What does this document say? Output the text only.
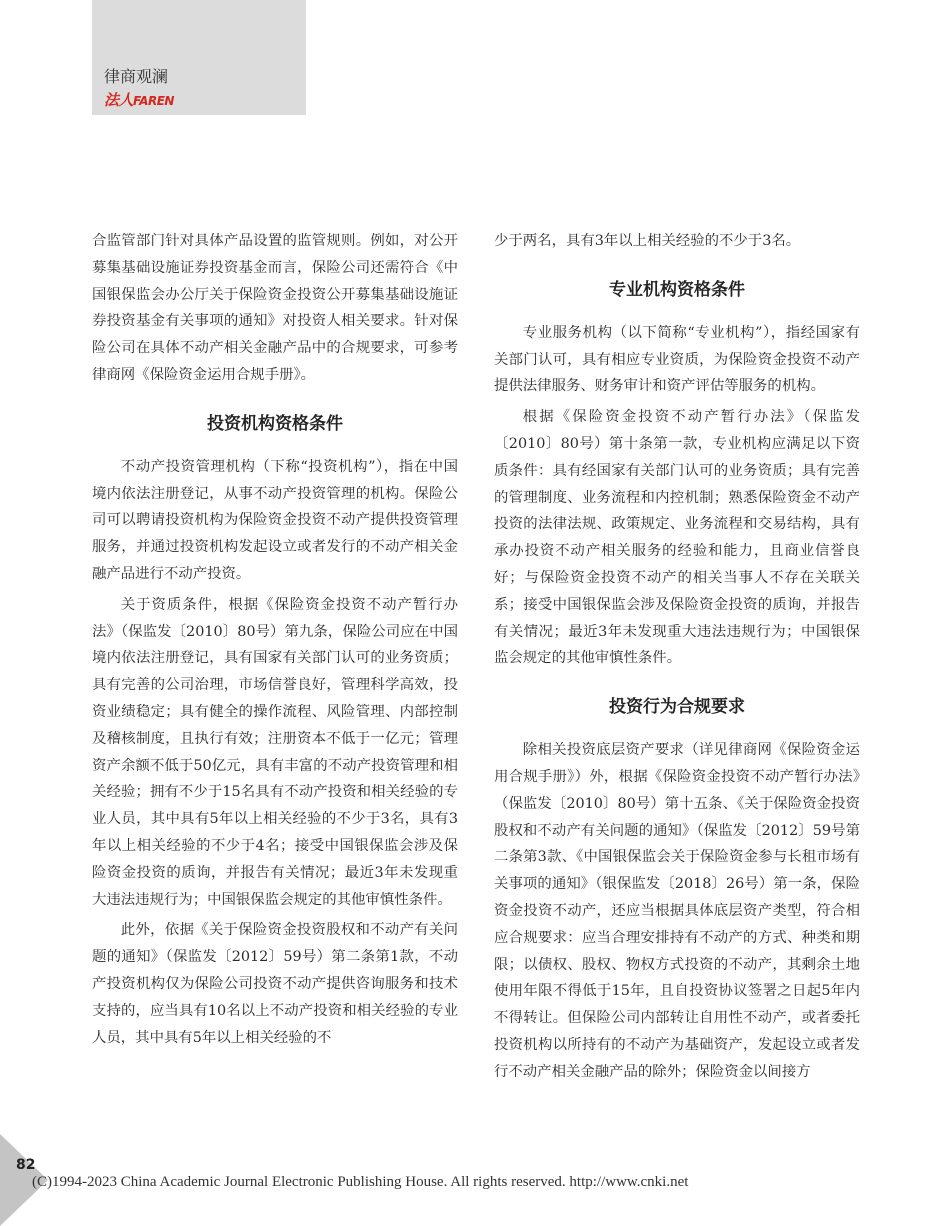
律商观澜
法人FAREN

合监管部门针对具体产品设置的监管规则。例如，对公开募集基础设施证券投资基金而言，保险公司还需符合《中国银保监会办公厅关于保险资金投资公开募集基础设施证券投资基金有关事项的通知》对投资人相关要求。针对保险公司在具体不动产相关金融产品中的合规要求，可参考律商网《保险资金运用合规手册》。

投资机构资格条件

不动产投资管理机构（下称“投资机构”），指在中国境内依法注册登记，从事不动产投资管理的机构。保险公司可以聘请投资机构为保险资金投资不动产提供投资管理服务，并通过投资机构发起设立或者发行的不动产相关金融产品进行不动产投资。

关于资质条件，根据《保险资金投资不动产暂行办法》（保监发〔2010〕80号）第九条，保险公司应在中国境内依法注册登记，具有国家有关部门认可的业务资质；具有完善的公司治理，市场信誉良好，管理科学高效，投资业绩稳定；具有健全的操作流程、风险管理、内部控制及稽核制度，且执行有效；注册资本不低于一亿元；管理资产余额不低于50亿元，具有丰富的不动产投资管理和相关经验；拥有不少于15名具有不动产投资和相关经验的专业人员，其中具有5年以上相关经验的不少于3名，具有3年以上相关经验的不少于4名；接受中国银保监会涉及保险资金投资的质询，并报告有关情况；最近3年未发现重大违法违规行为；中国银保监会规定的其他审慎性条件。

此外，依据《关于保险资金投资股权和不动产有关问题的通知》（保监发〔2012〕59号）第二条第1款，不动产投资机构仅为保险公司投资不动产提供咨询服务和技术支持的，应当具有10名以上不动产投资和相关经验的专业人员，其中具有5年以上相关经验的不

少于两名，具有3年以上相关经验的不少于3名。

专业机构资格条件

专业服务机构（以下简称“专业机构”），指经国家有关部门认可，具有相应专业资质，为保险资金投资不动产提供法律服务、财务审计和资产评估等服务的机构。

根据《保险资金投资不动产暂行办法》（保监发〔2010〕80号）第十条第一款，专业机构应满足以下资质条件：具有经国家有关部门认可的业务资质；具有完善的管理制度、业务流程和内控机制；熟悉保险资金不动产投资的法律法规、政策规定、业务流程和交易结构，具有承办投资不动产相关服务的经验和能力，且商业信誉良好；与保险资金投资不动产的相关当事人不存在关联关系；接受中国银保监会涉及保险资金投资的质询，并报告有关情况；最近3年未发现重大违法违规行为；中国银保监会规定的其他审慎性条件。

投资行为合规要求

除相关投资底层资产要求（详见律商网《保险资金运用合规手册》）外，根据《保险资金投资不动产暂行办法》（保监发〔2010〕80号）第十五条、《关于保险资金投资股权和不动产有关问题的通知》（保监发〔2012〕59号第二条第3款、《中国银保监会关于保险资金参与长租市场有关事项的通知》（银保监发〔2018〕26号）第一条，保险资金投资不动产，还应当根据具体底层资产类型，符合相应合规要求：应当合理安排持有不动产的方式、种类和期限；以债权、股权、物权方式投资的不动产，其剩余土地使用年限不得低于15年，且自投资协议签署之日起5年内不得转让。但保险公司内部转让自用性不动产，或者委托投资机构以所持有的不动产为基础资产，发起设立或者发行不动产相关金融产品的除外；保险资金以间接方

82
(C)1994-2023 China Academic Journal Electronic Publishing House. All rights reserved. http://www.cnki.net
